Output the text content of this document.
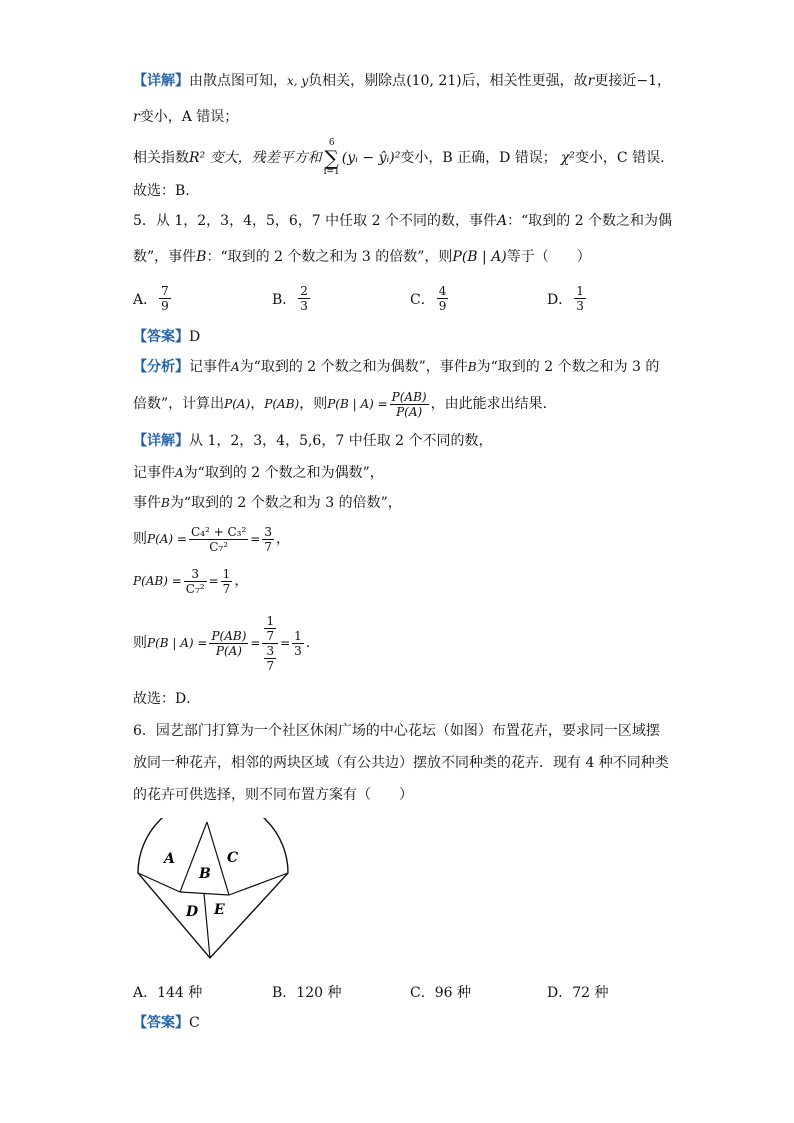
【详解】由散点图可知，x, y负相关，剔除点(10, 21)后，相关性更强，故r更接近−1，
r变小，A 错误；
相关指数 R² 变大，残差平方和
6
∑
i=1
(yᵢ − ŷᵢ)² 变小，B 正确，D 错误； χ² 变小，C 错误.
故选：B.
5．从 1，2，3，4，5，6，7 中任取 2 个不同的数，事件A：“取到的 2 个数之和为偶
数”，事件B：“取到的 2 个数之和为 3 的倍数”，则P(B | A)等于（　　）
A． $\frac{7}{9}$	B． $\frac{2}{3}$	C． $\frac{4}{9}$	D． $\frac{1}{3}$
【答案】D
【分析】记事件A为“取到的 2 个数之和为偶数”，事件B为“取到的 2 个数之和为 3 的
倍数”，计算出 P(A) ， P(AB) ，则 P(B | $A) = \frac{P(AB)}{P(A)}$ ，由此能求出结果．
【详解】从 1，2，3，4，5,6，7 中任取 2 个不同的数，
记事件A为“取到的 2 个数之和为偶数”，
事件B为“取到的 2 个数之和为 3 的倍数”，
则 $P(A) = \frac{\text{C₄² + C₃²}}{\text{C₇²}} = \frac{3}{7}$ ，
$P(AB) = \frac{3}{\text{C₇²}} = \frac{1}{7}$ ，
则 P(B | $A) = \frac{P(AB)}{P(A)} = \frac{\frac{1}{7}}{\frac{3}{7}} = \frac{1}{3}$ .
故选：D．
6．园艺部门打算为一个社区休闲广场的中心花坛（如图）布置花卉，要求同一区域摆
放同一种花卉，相邻的两块区域（有公共边）摆放不同种类的花卉．现有 4 种不同种类
的花卉可供选择，则不同布置方案有（　　）
A
B
C
D E
A．144 种	B．120 种	C．96 种	D．72 种
【答案】C
